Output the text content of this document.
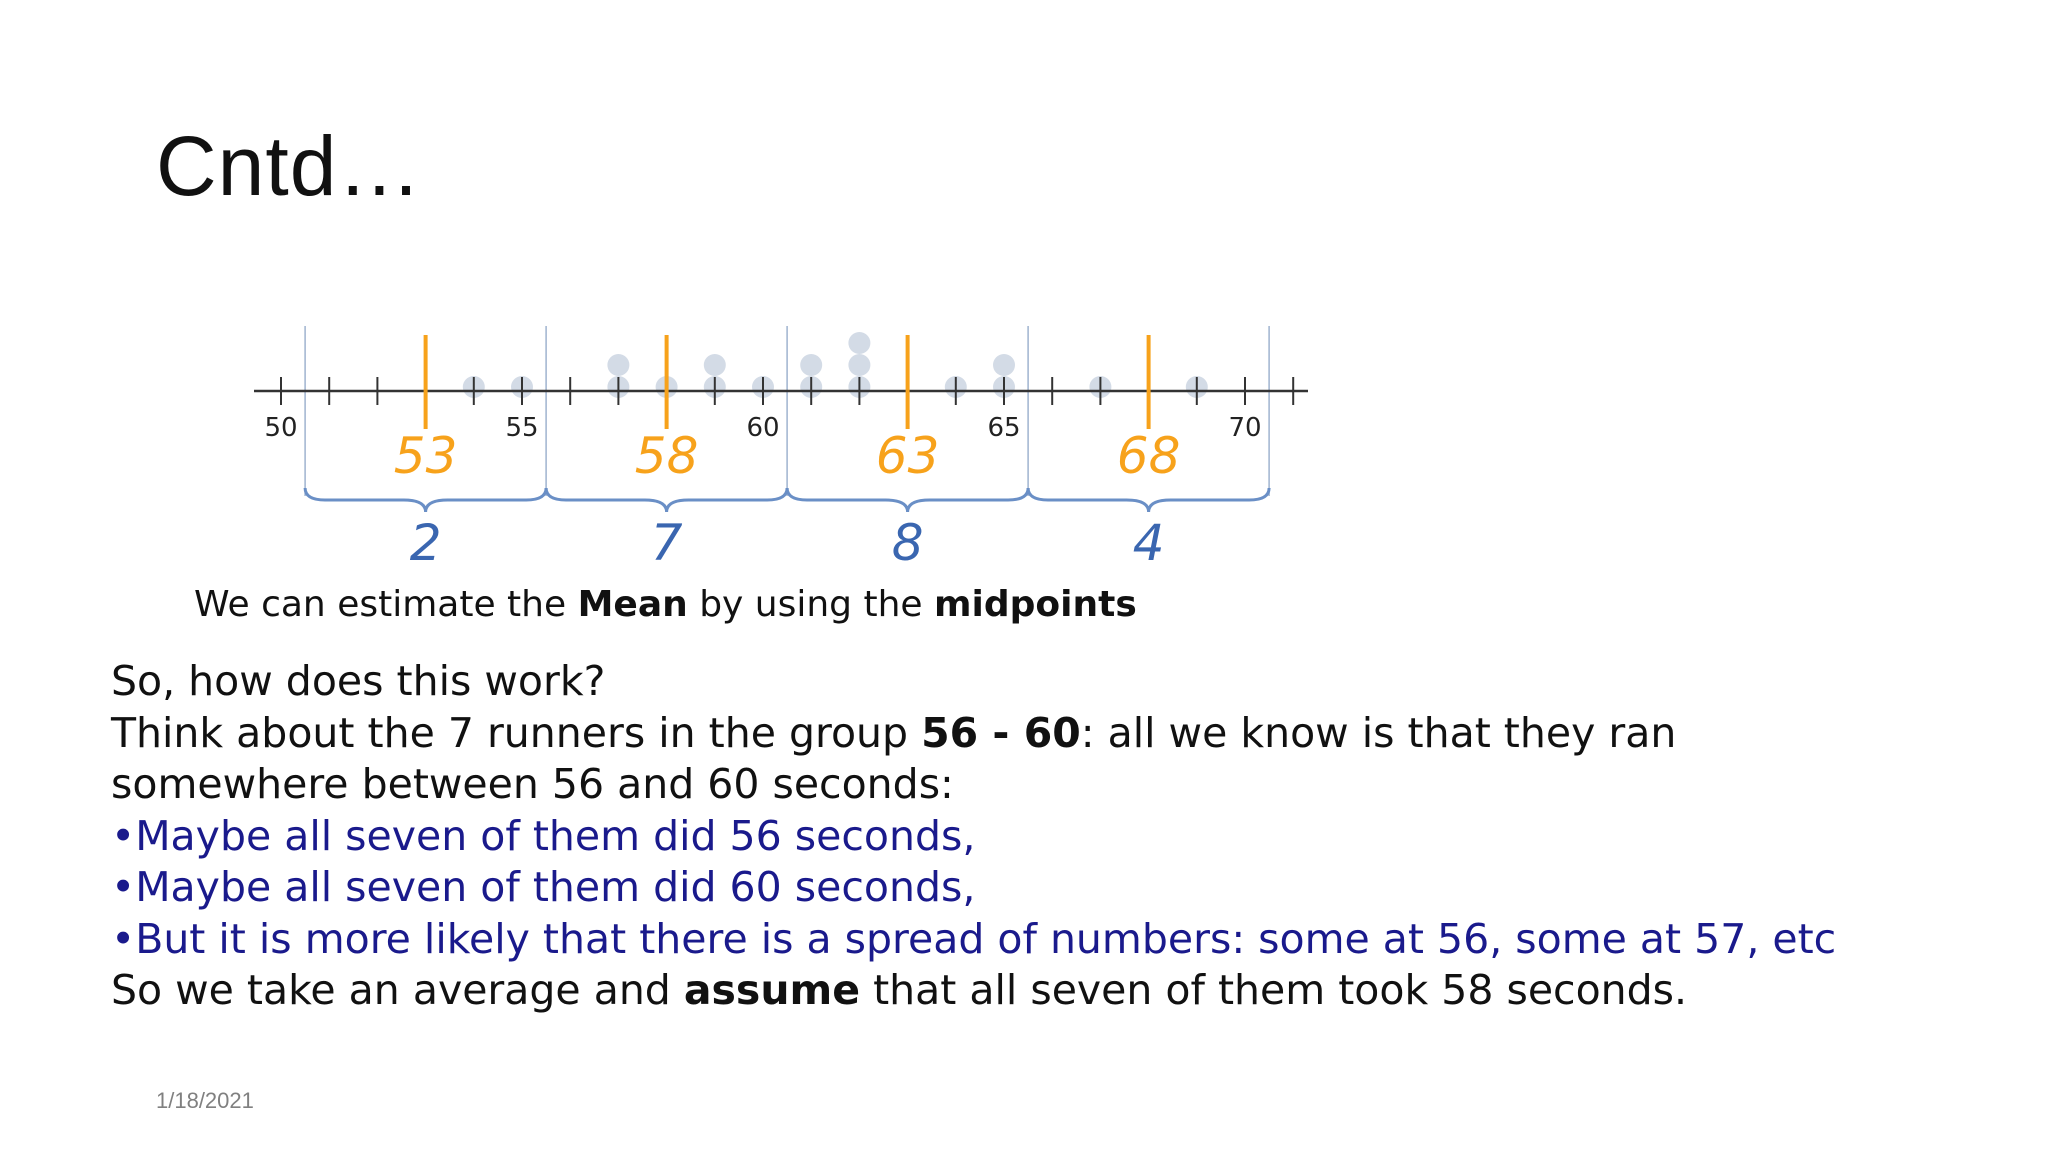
Cntd…
50	55	60	65	70
53	58	63	68
2	7	8	4
We can estimate the Mean by using the midpoints
So, how does this work?
Think about the 7 runners in the group 56 - 60: all we know is that they ran
somewhere between 56 and 60 seconds:
•Maybe all seven of them did 56 seconds,
•Maybe all seven of them did 60 seconds,
•But it is more likely that there is a spread of numbers: some at 56, some at 57, etc
So we take an average and assume that all seven of them took 58 seconds.
1/18/2021
